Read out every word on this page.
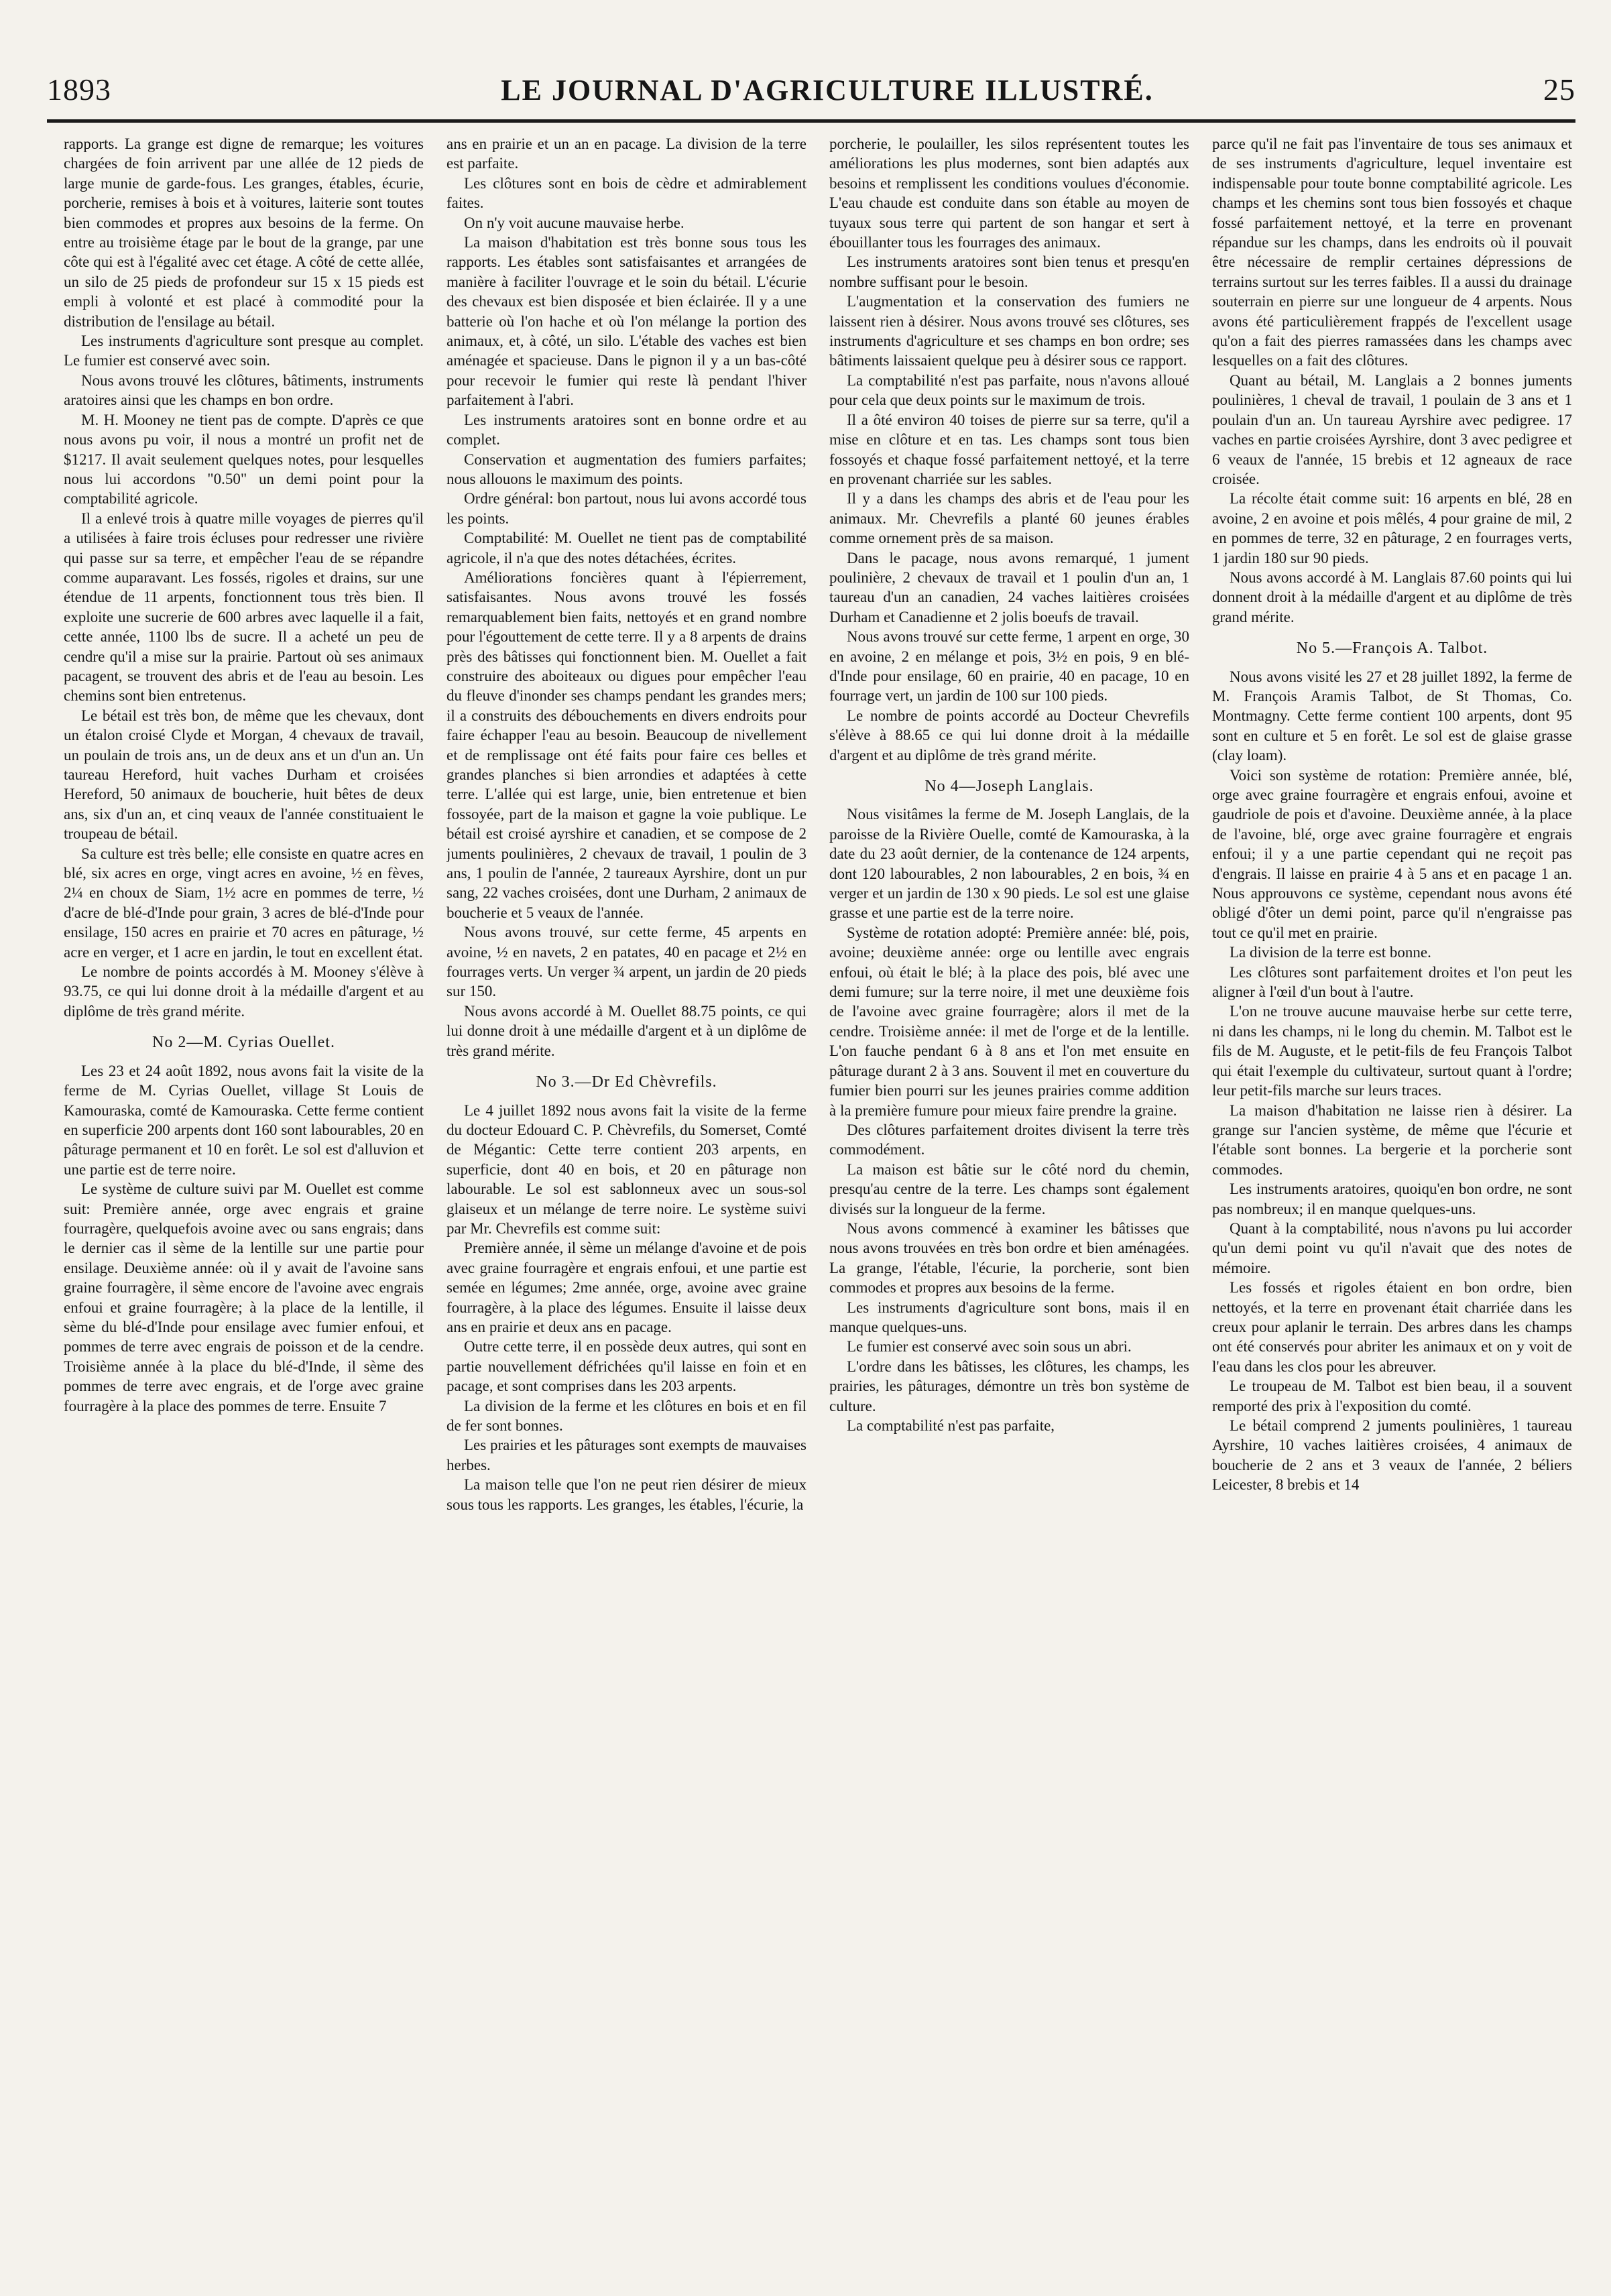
1893	LE JOURNAL D'AGRICULTURE ILLUSTRÉ.	25

rapports. La grange est digne de remarque; les voitures chargées de foin arrivent par une allée de 12 pieds de large munie de garde-fous. Les granges, étables, écurie, porcherie, remises à bois et à voitures, laiterie sont toutes bien commodes et propres aux besoins de la ferme. On entre au troisième étage par le bout de la grange, par une côte qui est à l'égalité avec cet étage. A côté de cette allée, un silo de 25 pieds de profondeur sur 15 x 15 pieds est empli à volonté et est placé à commodité pour la distribution de l'ensilage au bétail.

Les instruments d'agriculture sont presque au complet. Le fumier est conservé avec soin.

Nous avons trouvé les clôtures, bâtiments, instruments aratoires ainsi que les champs en bon ordre.

M. H. Mooney ne tient pas de compte. D'après ce que nous avons pu voir, il nous a montré un profit net de $1217. Il avait seulement quelques notes, pour lesquelles nous lui accordons "0.50" un demi point pour la comptabilité agricole.

Il a enlevé trois à quatre mille voyages de pierres qu'il a utilisées à faire trois écluses pour redresser une rivière qui passe sur sa terre, et empêcher l'eau de se répandre comme auparavant. Les fossés, rigoles et drains, sur une étendue de 11 arpents, fonctionnent tous très bien. Il exploite une sucrerie de 600 arbres avec laquelle il a fait, cette année, 1100 lbs de sucre. Il a acheté un peu de cendre qu'il a mise sur la prairie. Partout où ses animaux pacagent, se trouvent des abris et de l'eau au besoin. Les chemins sont bien entretenus.

Le bétail est très bon, de même que les chevaux, dont un étalon croisé Clyde et Morgan, 4 chevaux de travail, un poulain de trois ans, un de deux ans et un d'un an. Un taureau Hereford, huit vaches Durham et croisées Hereford, 50 animaux de boucherie, huit bêtes de deux ans, six d'un an, et cinq veaux de l'année constituaient le troupeau de bétail.

Sa culture est très belle; elle consiste en quatre acres en blé, six acres en orge, vingt acres en avoine, ½ en fèves, 2¼ en choux de Siam, 1½ acre en pommes de terre, ½ d'acre de blé-d'Inde pour grain, 3 acres de blé-d'Inde pour ensilage, 150 acres en prairie et 70 acres en pâturage, ½ acre en verger, et 1 acre en jardin, le tout en excellent état.

Le nombre de points accordés à M. Mooney s'élève à 93.75, ce qui lui donne droit à la médaille d'argent et au diplôme de très grand mérite.

No 2—M. Cyrias Ouellet.

Les 23 et 24 août 1892, nous avons fait la visite de la ferme de M. Cyrias Ouellet, village St Louis de Kamouraska, comté de Kamouraska. Cette ferme contient en superficie 200 arpents dont 160 sont labourables, 20 en pâturage permanent et 10 en forêt. Le sol est d'alluvion et une partie est de terre noire.

Le système de culture suivi par M. Ouellet est comme suit: Première année, orge avec engrais et graine fourragère, quelquefois avoine avec ou sans engrais; dans le dernier cas il sème de la lentille sur une partie pour ensilage. Deuxième année: où il y avait de l'avoine sans graine fourragère, il sème encore de l'avoine avec engrais enfoui et graine fourragère; à la place de la lentille, il sème du blé-d'Inde pour ensilage avec fumier enfoui, et pommes de terre avec engrais de poisson et de la cendre. Troisième année à la place du blé-d'Inde, il sème des pommes de terre avec engrais, et de l'orge avec graine fourragère à la place des pommes de terre. Ensuite 7

ans en prairie et un an en pacage. La division de la terre est parfaite.

Les clôtures sont en bois de cèdre et admirablement faites.

On n'y voit aucune mauvaise herbe.

La maison d'habitation est très bonne sous tous les rapports. Les étables sont satisfaisantes et arrangées de manière à faciliter l'ouvrage et le soin du bétail. L'écurie des chevaux est bien disposée et bien éclairée. Il y a une batterie où l'on hache et où l'on mélange la portion des animaux, et, à côté, un silo. L'étable des vaches est bien aménagée et spacieuse. Dans le pignon il y a un bas-côté pour recevoir le fumier qui reste là pendant l'hiver parfaitement à l'abri.

Les instruments aratoires sont en bonne ordre et au complet.

Conservation et augmentation des fumiers parfaites; nous allouons le maximum des points.

Ordre général: bon partout, nous lui avons accordé tous les points.

Comptabilité: M. Ouellet ne tient pas de comptabilité agricole, il n'a que des notes détachées, écrites.

Améliorations foncières quant à l'épierrement, satisfaisantes. Nous avons trouvé les fossés remarquablement bien faits, nettoyés et en grand nombre pour l'égouttement de cette terre. Il y a 8 arpents de drains près des bâtisses qui fonctionnent bien. M. Ouellet a fait construire des aboiteaux ou digues pour empêcher l'eau du fleuve d'inonder ses champs pendant les grandes mers; il a construits des débouchements en divers endroits pour faire échapper l'eau au besoin. Beaucoup de nivellement et de remplissage ont été faits pour faire ces belles et grandes planches si bien arrondies et adaptées à cette terre. L'allée qui est large, unie, bien entretenue et bien fossoyée, part de la maison et gagne la voie publique. Le bétail est croisé ayrshire et canadien, et se compose de 2 juments poulinières, 2 chevaux de travail, 1 poulin de 3 ans, 1 poulin de l'année, 2 taureaux Ayrshire, dont un pur sang, 22 vaches croisées, dont une Durham, 2 animaux de boucherie et 5 veaux de l'année.

Nous avons trouvé, sur cette ferme, 45 arpents en avoine, ½ en navets, 2 en patates, 40 en pacage et 2½ en fourrages verts. Un verger ¾ arpent, un jardin de 20 pieds sur 150.

Nous avons accordé à M. Ouellet 88.75 points, ce qui lui donne droit à une médaille d'argent et à un diplôme de très grand mérite.

No 3.—Dr Ed Chèvrefils.

Le 4 juillet 1892 nous avons fait la visite de la ferme du docteur Edouard C. P. Chèvrefils, du Somerset, Comté de Mégantic: Cette terre contient 203 arpents, en superficie, dont 40 en bois, et 20 en pâturage non labourable. Le sol est sablonneux avec un sous-sol glaiseux et un mélange de terre noire. Le système suivi par Mr. Chevrefils est comme suit:

Première année, il sème un mélange d'avoine et de pois avec graine fourragère et engrais enfoui, et une partie est semée en légumes; 2me année, orge, avoine avec graine fourragère, à la place des légumes. Ensuite il laisse deux ans en prairie et deux ans en pacage.

Outre cette terre, il en possède deux autres, qui sont en partie nouvellement défrichées qu'il laisse en foin et en pacage, et sont comprises dans les 203 arpents.

La division de la ferme et les clôtures en bois et en fil de fer sont bonnes.

Les prairies et les pâturages sont exempts de mauvaises herbes.

La maison telle que l'on ne peut rien désirer de mieux sous tous les rapports. Les granges, les étables, l'écurie, la

porcherie, le poulailler, les silos représentent toutes les améliorations les plus modernes, sont bien adaptés aux besoins et remplissent les conditions voulues d'économie. L'eau chaude est conduite dans son étable au moyen de tuyaux sous terre qui partent de son hangar et sert à ébouillanter tous les fourrages des animaux.

Les instruments aratoires sont bien tenus et presqu'en nombre suffisant pour le besoin.

L'augmentation et la conservation des fumiers ne laissent rien à désirer. Nous avons trouvé ses clôtures, ses instruments d'agriculture et ses champs en bon ordre; ses bâtiments laissaient quelque peu à désirer sous ce rapport.

La comptabilité n'est pas parfaite, nous n'avons alloué pour cela que deux points sur le maximum de trois.

Il a ôté environ 40 toises de pierre sur sa terre, qu'il a mise en clôture et en tas. Les champs sont tous bien fossoyés et chaque fossé parfaitement nettoyé, et la terre en provenant charriée sur les sables.

Il y a dans les champs des abris et de l'eau pour les animaux. Mr. Chevrefils a planté 60 jeunes érables comme ornement près de sa maison.

Dans le pacage, nous avons remarqué, 1 jument poulinière, 2 chevaux de travail et 1 poulin d'un an, 1 taureau d'un an canadien, 24 vaches laitières croisées Durham et Canadienne et 2 jolis boeufs de travail.

Nous avons trouvé sur cette ferme, 1 arpent en orge, 30 en avoine, 2 en mélange et pois, 3½ en pois, 9 en blé-d'Inde pour ensilage, 60 en prairie, 40 en pacage, 10 en fourrage vert, un jardin de 100 sur 100 pieds.

Le nombre de points accordé au Docteur Chevrefils s'élève à 88.65 ce qui lui donne droit à la médaille d'argent et au diplôme de très grand mérite.

No 4—Joseph Langlais.

Nous visitâmes la ferme de M. Joseph Langlais, de la paroisse de la Rivière Ouelle, comté de Kamouraska, à la date du 23 août dernier, de la contenance de 124 arpents, dont 120 labourables, 2 non labourables, 2 en bois, ¾ en verger et un jardin de 130 x 90 pieds. Le sol est une glaise grasse et une partie est de la terre noire.

Système de rotation adopté: Première année: blé, pois, avoine; deuxième année: orge ou lentille avec engrais enfoui, où était le blé; à la place des pois, blé avec une demi fumure; sur la terre noire, il met une deuxième fois de l'avoine avec graine fourragère; alors il met de la cendre. Troisième année: il met de l'orge et de la lentille. L'on fauche pendant 6 à 8 ans et l'on met ensuite en pâturage durant 2 à 3 ans. Souvent il met en couverture du fumier bien pourri sur les jeunes prairies comme addition à la première fumure pour mieux faire prendre la graine.

Des clôtures parfaitement droites divisent la terre très commodément.

La maison est bâtie sur le côté nord du chemin, presqu'au centre de la terre. Les champs sont également divisés sur la longueur de la ferme.

Nous avons commencé à examiner les bâtisses que nous avons trouvées en très bon ordre et bien aménagées. La grange, l'étable, l'écurie, la porcherie, sont bien commodes et propres aux besoins de la ferme.

Les instruments d'agriculture sont bons, mais il en manque quelques-uns.

Le fumier est conservé avec soin sous un abri.

L'ordre dans les bâtisses, les clôtures, les champs, les prairies, les pâturages, démontre un très bon système de culture.

La comptabilité n'est pas parfaite,

parce qu'il ne fait pas l'inventaire de tous ses animaux et de ses instruments d'agriculture, lequel inventaire est indispensable pour toute bonne comptabilité agricole. Les champs et les chemins sont tous bien fossoyés et chaque fossé parfaitement nettoyé, et la terre en provenant répandue sur les champs, dans les endroits où il pouvait être nécessaire de remplir certaines dépressions de terrains surtout sur les terres faibles. Il a aussi du drainage souterrain en pierre sur une longueur de 4 arpents. Nous avons été particulièrement frappés de l'excellent usage qu'on a fait des pierres ramassées dans les champs avec lesquelles on a fait des clôtures.

Quant au bétail, M. Langlais a 2 bonnes juments poulinières, 1 cheval de travail, 1 poulain de 3 ans et 1 poulain d'un an. Un taureau Ayrshire avec pedigree. 17 vaches en partie croisées Ayrshire, dont 3 avec pedigree et 6 veaux de l'année, 15 brebis et 12 agneaux de race croisée.

La récolte était comme suit: 16 arpents en blé, 28 en avoine, 2 en avoine et pois mêlés, 4 pour graine de mil, 2 en pommes de terre, 32 en pâturage, 2 en fourrages verts, 1 jardin 180 sur 90 pieds.

Nous avons accordé à M. Langlais 87.60 points qui lui donnent droit à la médaille d'argent et au diplôme de très grand mérite.

No 5.—François A. Talbot.

Nous avons visité les 27 et 28 juillet 1892, la ferme de M. François Aramis Talbot, de St Thomas, Co. Montmagny. Cette ferme contient 100 arpents, dont 95 sont en culture et 5 en forêt. Le sol est de glaise grasse (clay loam).

Voici son système de rotation: Première année, blé, orge avec graine fourragère et engrais enfoui, avoine et gaudriole de pois et d'avoine. Deuxième année, à la place de l'avoine, blé, orge avec graine fourragère et engrais enfoui; il y a une partie cependant qui ne reçoit pas d'engrais. Il laisse en prairie 4 à 5 ans et en pacage 1 an. Nous approuvons ce système, cependant nous avons été obligé d'ôter un demi point, parce qu'il n'engraisse pas tout ce qu'il met en prairie.

La division de la terre est bonne.

Les clôtures sont parfaitement droites et l'on peut les aligner à l'œil d'un bout à l'autre.

L'on ne trouve aucune mauvaise herbe sur cette terre, ni dans les champs, ni le long du chemin. M. Talbot est le fils de M. Auguste, et le petit-fils de feu François Talbot qui était l'exemple du cultivateur, surtout quant à l'ordre; leur petit-fils marche sur leurs traces.

La maison d'habitation ne laisse rien à désirer. La grange sur l'ancien système, de même que l'écurie et l'étable sont bonnes. La bergerie et la porcherie sont commodes.

Les instruments aratoires, quoiqu'en bon ordre, ne sont pas nombreux; il en manque quelques-uns.

Quant à la comptabilité, nous n'avons pu lui accorder qu'un demi point vu qu'il n'avait que des notes de mémoire.

Les fossés et rigoles étaient en bon ordre, bien nettoyés, et la terre en provenant était charriée dans les creux pour aplanir le terrain. Des arbres dans les champs ont été conservés pour abriter les animaux et on y voit de l'eau dans les clos pour les abreuver.

Le troupeau de M. Talbot est bien beau, il a souvent remporté des prix à l'exposition du comté.

Le bétail comprend 2 juments poulinières, 1 taureau Ayrshire, 10 vaches laitières croisées, 4 animaux de boucherie de 2 ans et 3 veaux de l'année, 2 béliers Leicester, 8 brebis et 14
